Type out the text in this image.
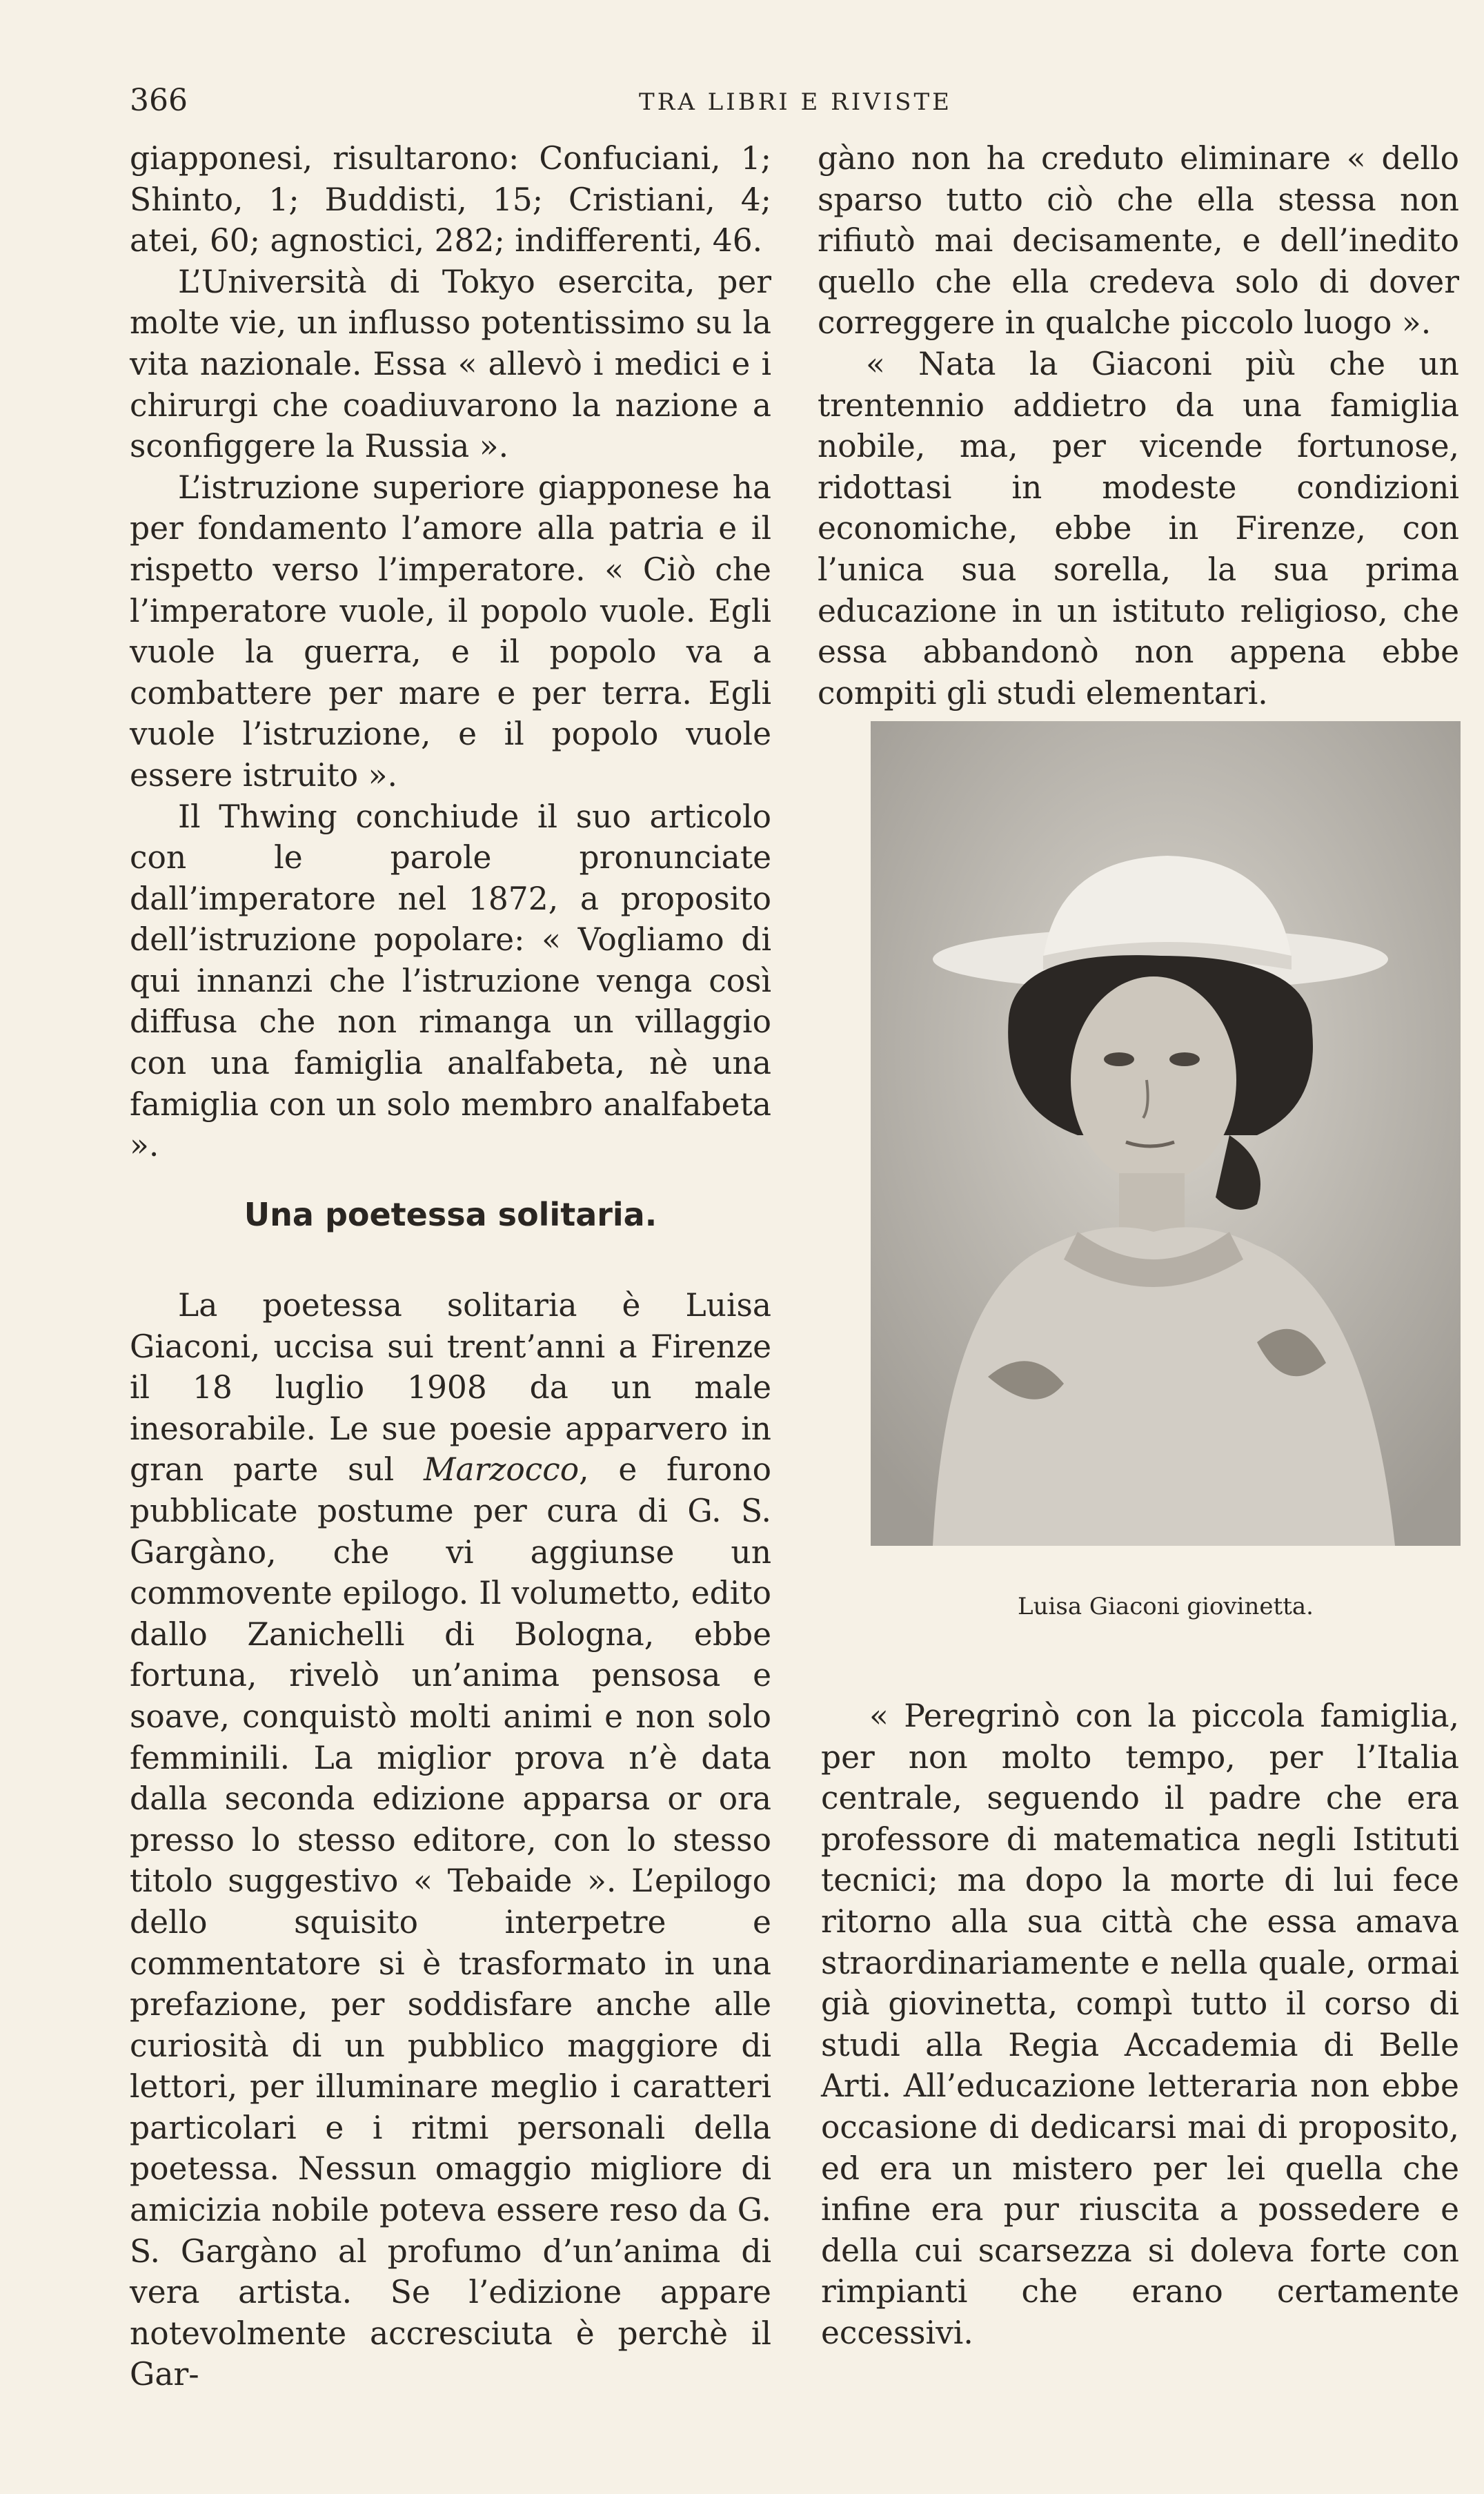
366	TRA LIBRI E RIVISTE

giapponesi, risultarono: Confuciani, 1; Shinto, 1; Buddisti, 15; Cristiani, 4; atei, 60; agnostici, 282; indifferenti, 46.

L’Università di Tokyo esercita, per molte vie, un influsso potentissimo su la vita nazionale. Essa « allevò i medici e i chirurgi che coadiuvarono la nazione a sconfiggere la Russia ».

L’istruzione superiore giapponese ha per fondamento l’amore alla patria e il rispetto verso l’imperatore. « Ciò che l’imperatore vuole, il popolo vuole. Egli vuole la guerra, e il popolo va a combattere per mare e per terra. Egli vuole l’istruzione, e il popolo vuole essere istruito ».

Il Thwing conchiude il suo articolo con le parole pronunciate dall’imperatore nel 1872, a proposito dell’istruzione popolare: « Vogliamo di qui innanzi che l’istruzione venga così diffusa che non rimanga un villaggio con una famiglia analfabeta, nè una famiglia con un solo membro analfabeta ».

Una poetessa solitaria.

La poetessa solitaria è Luisa Giaconi, uccisa sui trent’anni a Firenze il 18 luglio 1908 da un male inesorabile. Le sue poesie apparvero in gran parte sul Marzocco, e furono pubblicate postume per cura di G. S. Gargàno, che vi aggiunse un commovente epilogo. Il volumetto, edito dallo Zanichelli di Bologna, ebbe fortuna, rivelò un’anima pensosa e soave, conquistò molti animi e non solo femminili. La miglior prova n’è data dalla seconda edizione apparsa or ora presso lo stesso editore, con lo stesso titolo suggestivo « Tebaide ». L’epilogo dello squisito interpetre e commentatore si è trasformato in una prefazione, per soddisfare anche alle curiosità di un pubblico maggiore di lettori, per illuminare meglio i caratteri particolari e i ritmi personali della poetessa. Nessun omaggio migliore di amicizia nobile poteva essere reso da G. S. Gargàno al profumo d’un’anima di vera artista. Se l’edizione appare notevolmente accresciuta è perchè il Gar-

gàno non ha creduto eliminare « dello sparso tutto ciò che ella stessa non rifiutò mai decisamente, e dell’inedito quello che ella credeva solo di dover correggere in qualche piccolo luogo ».

« Nata la Giaconi più che un trentennio addietro da una famiglia nobile, ma, per vicende fortunose, ridottasi in modeste condizioni economiche, ebbe in Firenze, con l’unica sua sorella, la sua prima educazione in un istituto religioso, che essa abbandonò non appena ebbe compiti gli studi elementari.

Luisa Giaconi giovinetta.

« Peregrinò con la piccola famiglia, per non molto tempo, per l’Italia centrale, seguendo il padre che era professore di matematica negli Istituti tecnici; ma dopo la morte di lui fece ritorno alla sua città che essa amava straordinariamente e nella quale, ormai già giovinetta, compì tutto il corso di studi alla Regia Accademia di Belle Arti. All’educazione letteraria non ebbe occasione di dedicarsi mai di proposito, ed era un mistero per lei quella che infine era pur riuscita a possedere e della cui scarsezza si doleva forte con rimpianti che erano certamente eccessivi.
